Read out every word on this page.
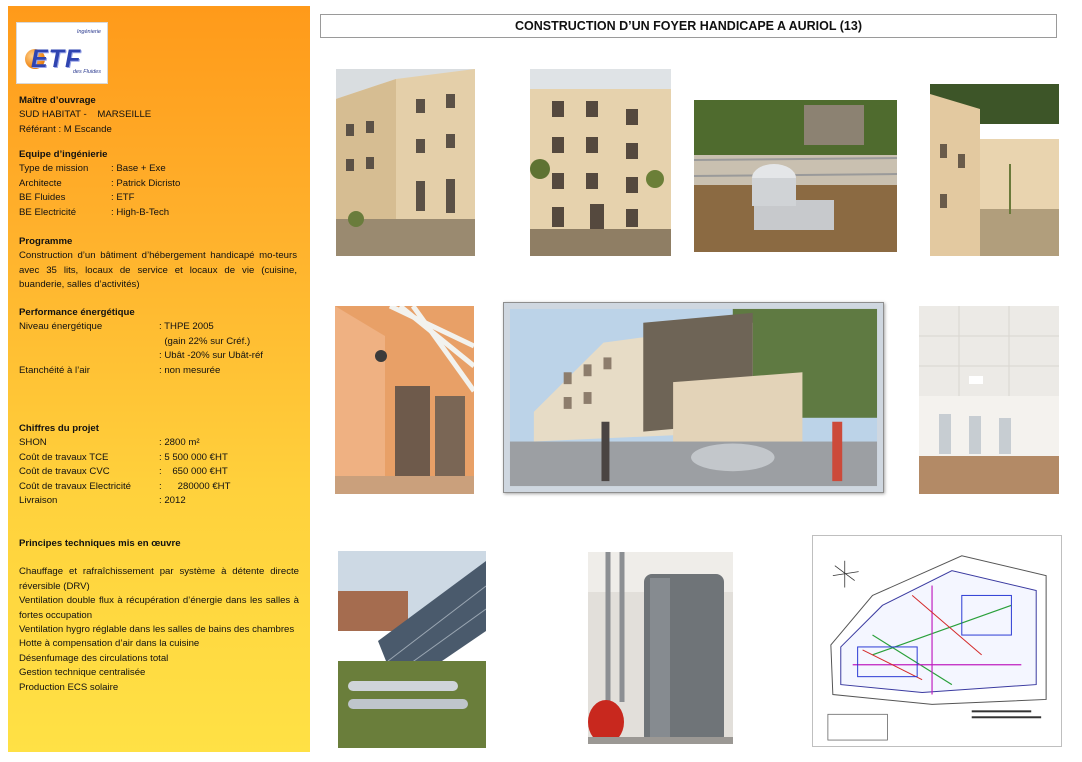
Ingénierie
ETF
des Fluides
Maître d’ouvrage
SUD HABITAT -    MARSEILLE
Référant : M Escande
Equipe d’ingénierie
Type de mission : Base + Exe
Architecte	: Patrick Dicristo
BE Fluides	: ETF
BE Electricité	: High-B-Tech
Programme
Construction d’un bâtiment d’hébergement handicapé mo-teurs avec 35 lits, locaux de service et locaux de vie (cuisine, buanderie, salles d’activités)
Performance énergétique
Niveau énergétique	: THPE 2005
(gain 22% sur Créf.)
: Ubât -20% sur Ubât-réf
Etanchéité à l’air	: non mesurée
Chiffres du projet
SHON	: 2800 m²
Coût de travaux TCE	: 5 500 000 €HT
Coût de travaux CVC	:    650 000 €HT
Coût de travaux Electricité	:      280000 €HT
Livraison	: 2012
Principes techniques mis en œuvre
Chauffage et rafraîchissement par système à détente directe réversible (DRV)
Ventilation double flux à récupération d’énergie dans les salles à fortes occupation
Ventilation hygro réglable dans les salles de bains des chambres
Hotte à compensation d’air dans la cuisine
Désenfumage des circulations total
Gestion technique centralisée
Production ECS solaire
CONSTRUCTION D’UN FOYER HANDICAPE A AURIOL (13)
